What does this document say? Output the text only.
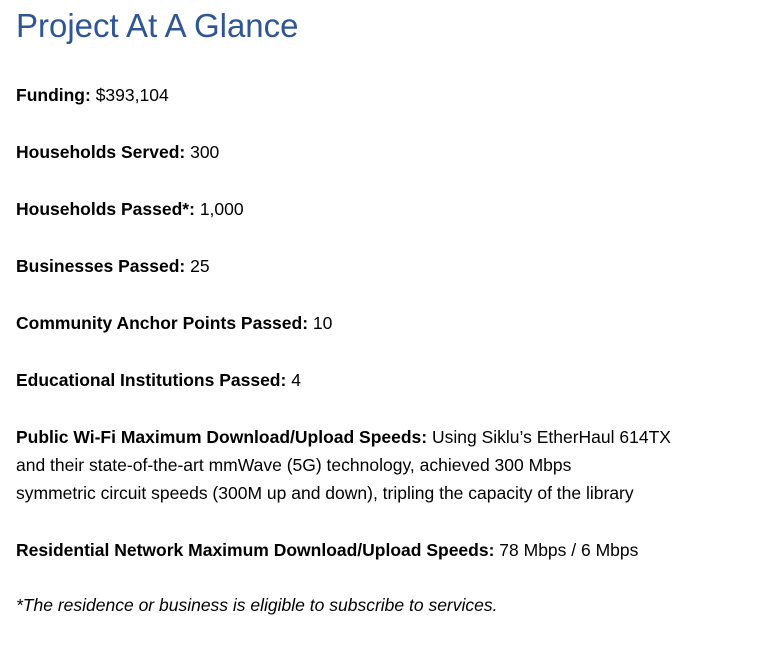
Project At A Glance

Funding: $393,104

Households Served: 300

Households Passed*: 1,000

Businesses Passed: 25

Community Anchor Points Passed: 10

Educational Institutions Passed: 4

Public Wi-Fi Maximum Download/Upload Speeds: Using Siklu’s EtherHaul 614TX

and their state-of-the-art mmWave (5G) technology, achieved 300 Mbps

symmetric circuit speeds (300M up and down), tripling the capacity of the library

Residential Network Maximum Download/Upload Speeds: 78 Mbps / 6 Mbps

*The residence or business is eligible to subscribe to services.
